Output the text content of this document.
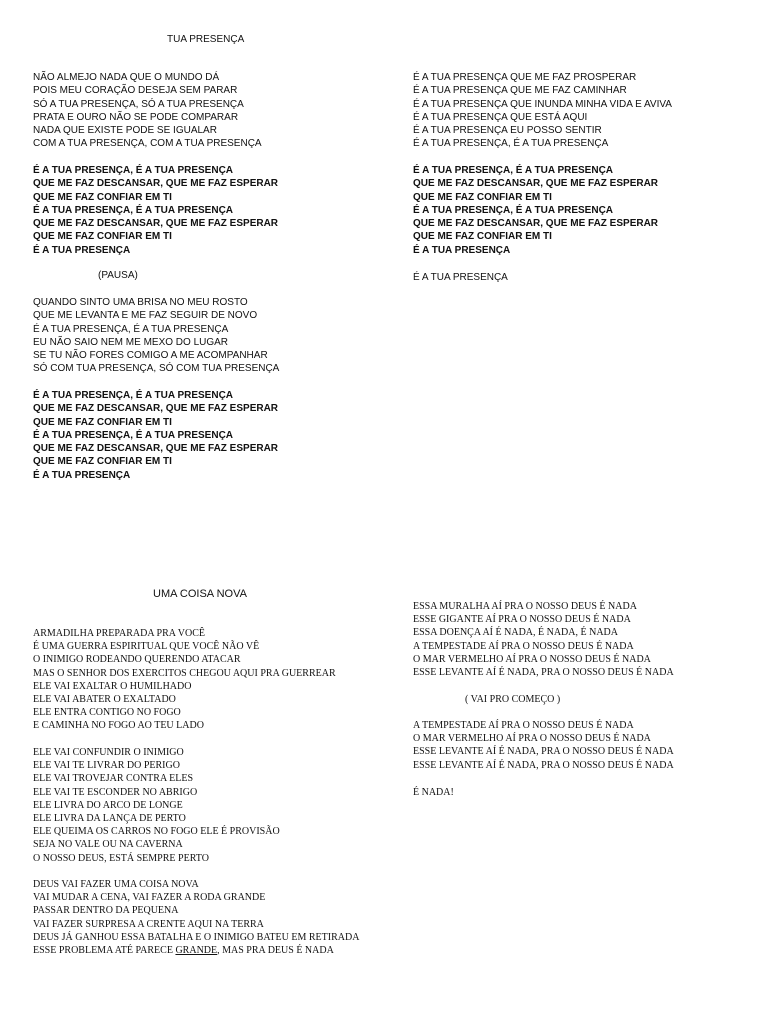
TUA PRESENÇA
NÃO ALMEJO NADA QUE O MUNDO DÁ
POIS MEU CORAÇÃO DESEJA SEM PARAR
SÓ A TUA PRESENÇA, SÓ A TUA PRESENÇA
PRATA E OURO NÃO SE PODE COMPARAR
NADA QUE EXISTE PODE SE IGUALAR
COM A TUA PRESENÇA, COM A TUA PRESENÇA
É A TUA PRESENÇA, É A TUA PRESENÇA
QUE ME FAZ DESCANSAR, QUE ME FAZ ESPERAR
QUE ME FAZ CONFIAR EM TI
É A TUA PRESENÇA, É A TUA PRESENÇA
QUE ME FAZ DESCANSAR, QUE ME FAZ ESPERAR
QUE ME FAZ CONFIAR EM TI
É A TUA PRESENÇA
(PAUSA)
QUANDO SINTO UMA BRISA NO MEU ROSTO
QUE ME LEVANTA E ME FAZ SEGUIR DE NOVO
É A TUA PRESENÇA, É A TUA PRESENÇA
EU NÃO SAIO NEM ME MEXO DO LUGAR
SE TU NÃO FORES COMIGO A ME ACOMPANHAR
SÓ COM TUA PRESENÇA, SÓ COM TUA PRESENÇA
É A TUA PRESENÇA, É A TUA PRESENÇA
QUE ME FAZ DESCANSAR, QUE ME FAZ ESPERAR
QUE ME FAZ CONFIAR EM TI
É A TUA PRESENÇA, É A TUA PRESENÇA
QUE ME FAZ DESCANSAR, QUE ME FAZ ESPERAR
QUE ME FAZ CONFIAR EM TI
É A TUA PRESENÇA
É A TUA PRESENÇA QUE ME FAZ PROSPERAR
É A TUA PRESENÇA QUE ME FAZ CAMINHAR
É A TUA PRESENÇA QUE INUNDA MINHA VIDA E AVIVA
É A TUA PRESENÇA QUE ESTÁ AQUI
É A TUA PRESENÇA EU POSSO SENTIR
É A TUA PRESENÇA, É A TUA PRESENÇA
É A TUA PRESENÇA, É A TUA PRESENÇA
QUE ME FAZ DESCANSAR, QUE ME FAZ ESPERAR
QUE ME FAZ CONFIAR EM TI
É A TUA PRESENÇA, É A TUA PRESENÇA
QUE ME FAZ DESCANSAR, QUE ME FAZ ESPERAR
QUE ME FAZ CONFIAR EM TI
É A TUA PRESENÇA
É A TUA PRESENÇA
UMA COISA NOVA
ARMADILHA PREPARADA PRA VOCÊ
É UMA GUERRA ESPIRITUAL QUE VOCÊ NÃO VÊ
O INIMIGO RODEANDO QUERENDO ATACAR
MAS O SENHOR DOS EXERCITOS CHEGOU AQUI PRA GUERREAR
ELE VAI EXALTAR O HUMILHADO
ELE VAI ABATER O EXALTADO
ELE ENTRA CONTIGO NO FOGO
E CAMINHA NO FOGO AO TEU LADO
ELE VAI CONFUNDIR O INIMIGO
ELE VAI TE LIVRAR DO PERIGO
ELE VAI TROVEJAR CONTRA ELES
ELE VAI TE ESCONDER NO ABRIGO
ELE LIVRA DO ARCO DE LONGE
ELE LIVRA DA LANÇA DE PERTO
ELE QUEIMA OS CARROS NO FOGO ELE É PROVISÃO
SEJA NO VALE OU NA CAVERNA
O NOSSO DEUS, ESTÁ SEMPRE PERTO
DEUS VAI FAZER UMA COISA NOVA
VAI MUDAR A CENA, VAI FAZER A RODA GRANDE
PASSAR DENTRO DA PEQUENA
VAI FAZER SURPRESA A CRENTE AQUI NA TERRA
DEUS JÁ GANHOU ESSA BATALHA E O INIMIGO BATEU EM RETIRADA
ESSE PROBLEMA ATÉ PARECE GRANDE, MAS PRA DEUS É NADA
ESSA MURALHA AÍ PRA O NOSSO DEUS É NADA
ESSE GIGANTE AÍ PRA O NOSSO DEUS É NADA
ESSA DOENÇA AÍ É NADA, É NADA, É NADA
A TEMPESTADE AÍ PRA O NOSSO DEUS É NADA
O MAR VERMELHO AÍ PRA O NOSSO DEUS É NADA
ESSE LEVANTE AÍ É NADA, PRA O NOSSO DEUS É NADA
( VAI PRO COMEÇO )
A TEMPESTADE AÍ PRA O NOSSO DEUS É NADA
O MAR VERMELHO AÍ PRA O NOSSO DEUS É NADA
ESSE LEVANTE AÍ É NADA, PRA O NOSSO DEUS É NADA
ESSE LEVANTE AÍ É NADA, PRA O NOSSO DEUS É NADA
É NADA!
